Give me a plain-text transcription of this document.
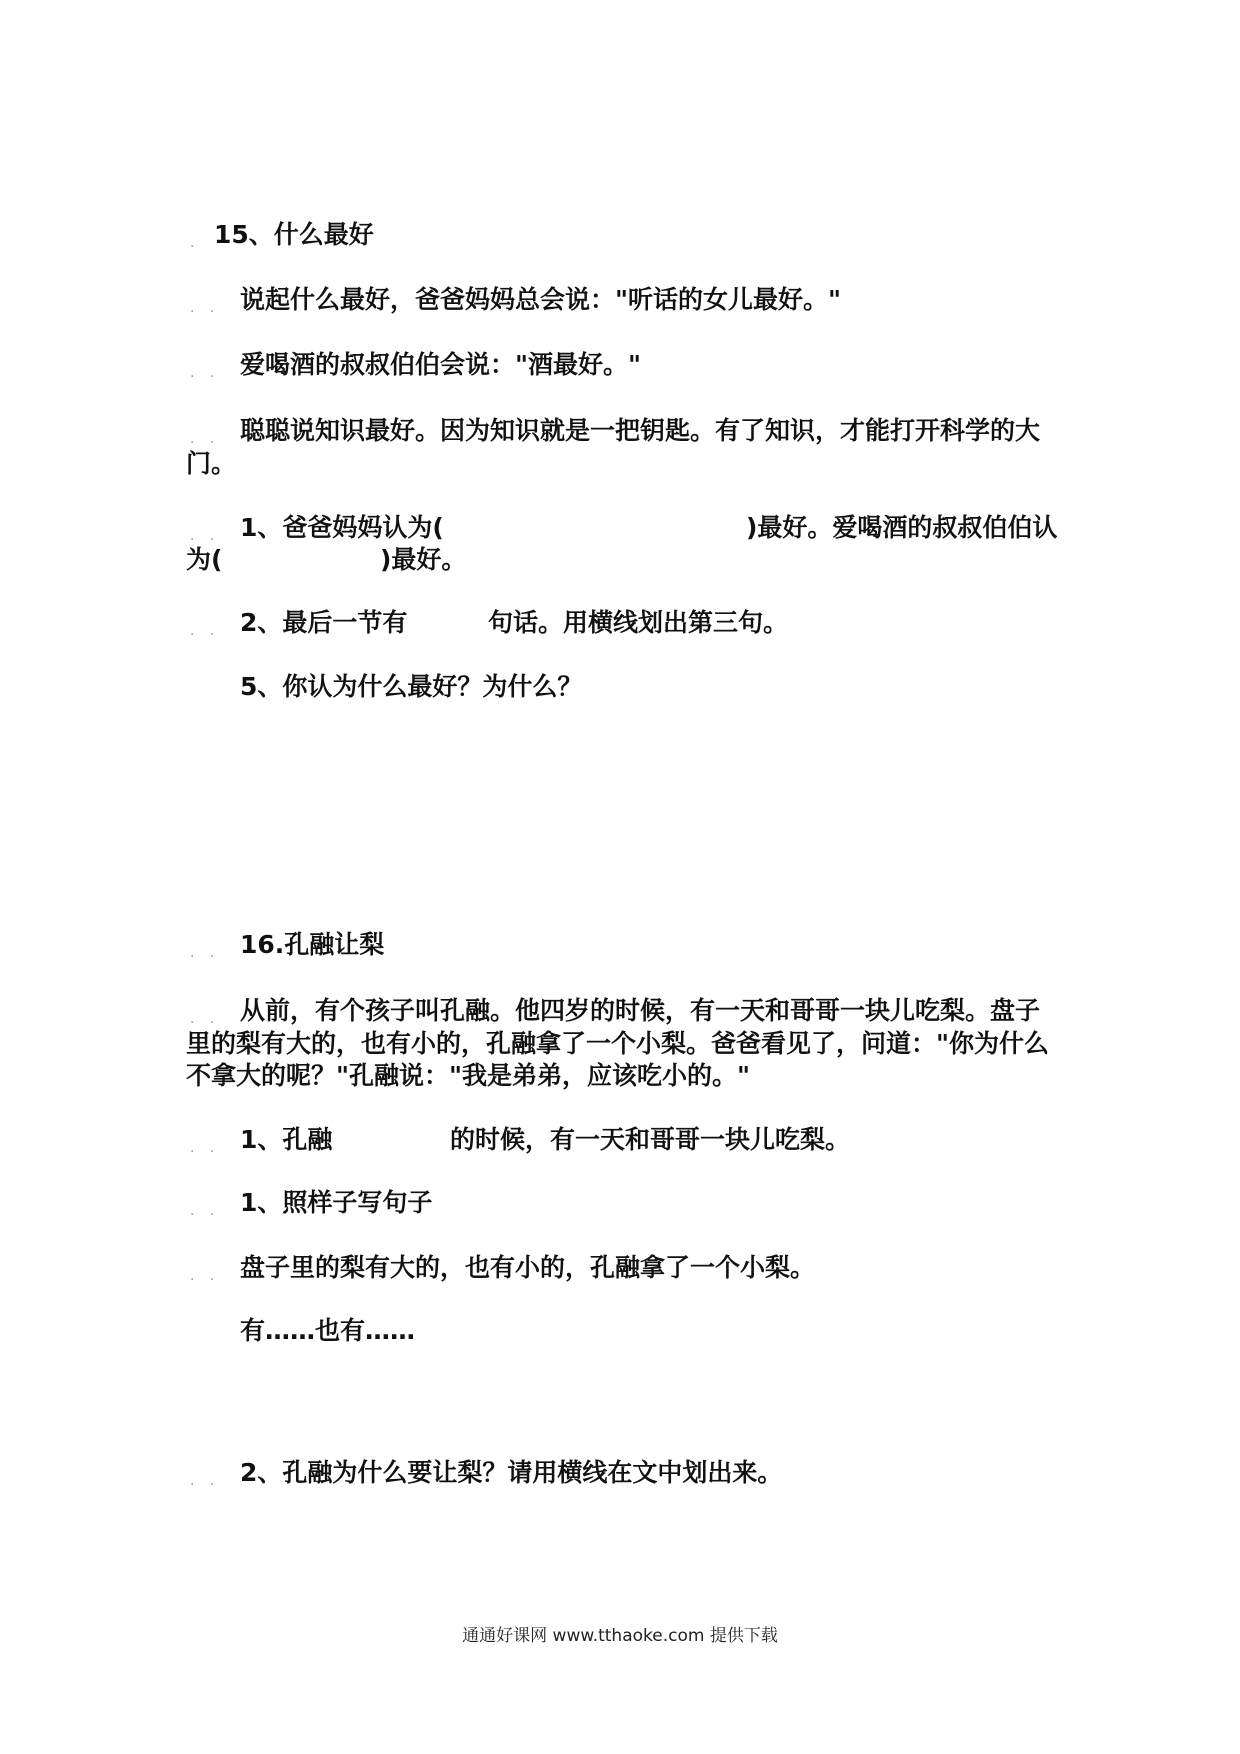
. 15、什么最好
. . 说起什么最好，爸爸妈妈总会说："听话的女儿最好。"
. . 爱喝酒的叔叔伯伯会说："酒最好。"
. . 聪聪说知识最好。因为知识就是一把钥匙。有了知识，才能打开科学的大
门。
. . 1、爸爸妈妈认为(	)最好。爱喝酒的叔叔伯伯认
为(	)最好。
. . 2、最后一节有	句话。用横线划出第三句。
5、你认为什么最好？为什么？
. . 16.孔融让梨
. . 从前，有个孩子叫孔融。他四岁的时候，有一天和哥哥一块儿吃梨。盘子
里的梨有大的，也有小的，孔融拿了一个小梨。爸爸看见了，问道："你为什么
不拿大的呢？"孔融说："我是弟弟，应该吃小的。"
. . 1、孔融	的时候，有一天和哥哥一块儿吃梨。
. . 1、照样子写句子
. . 盘子里的梨有大的，也有小的，孔融拿了一个小梨。
有……也有……
. . 2、孔融为什么要让梨？请用横线在文中划出来。
通通好课网 www.tthaoke.com 提供下载
